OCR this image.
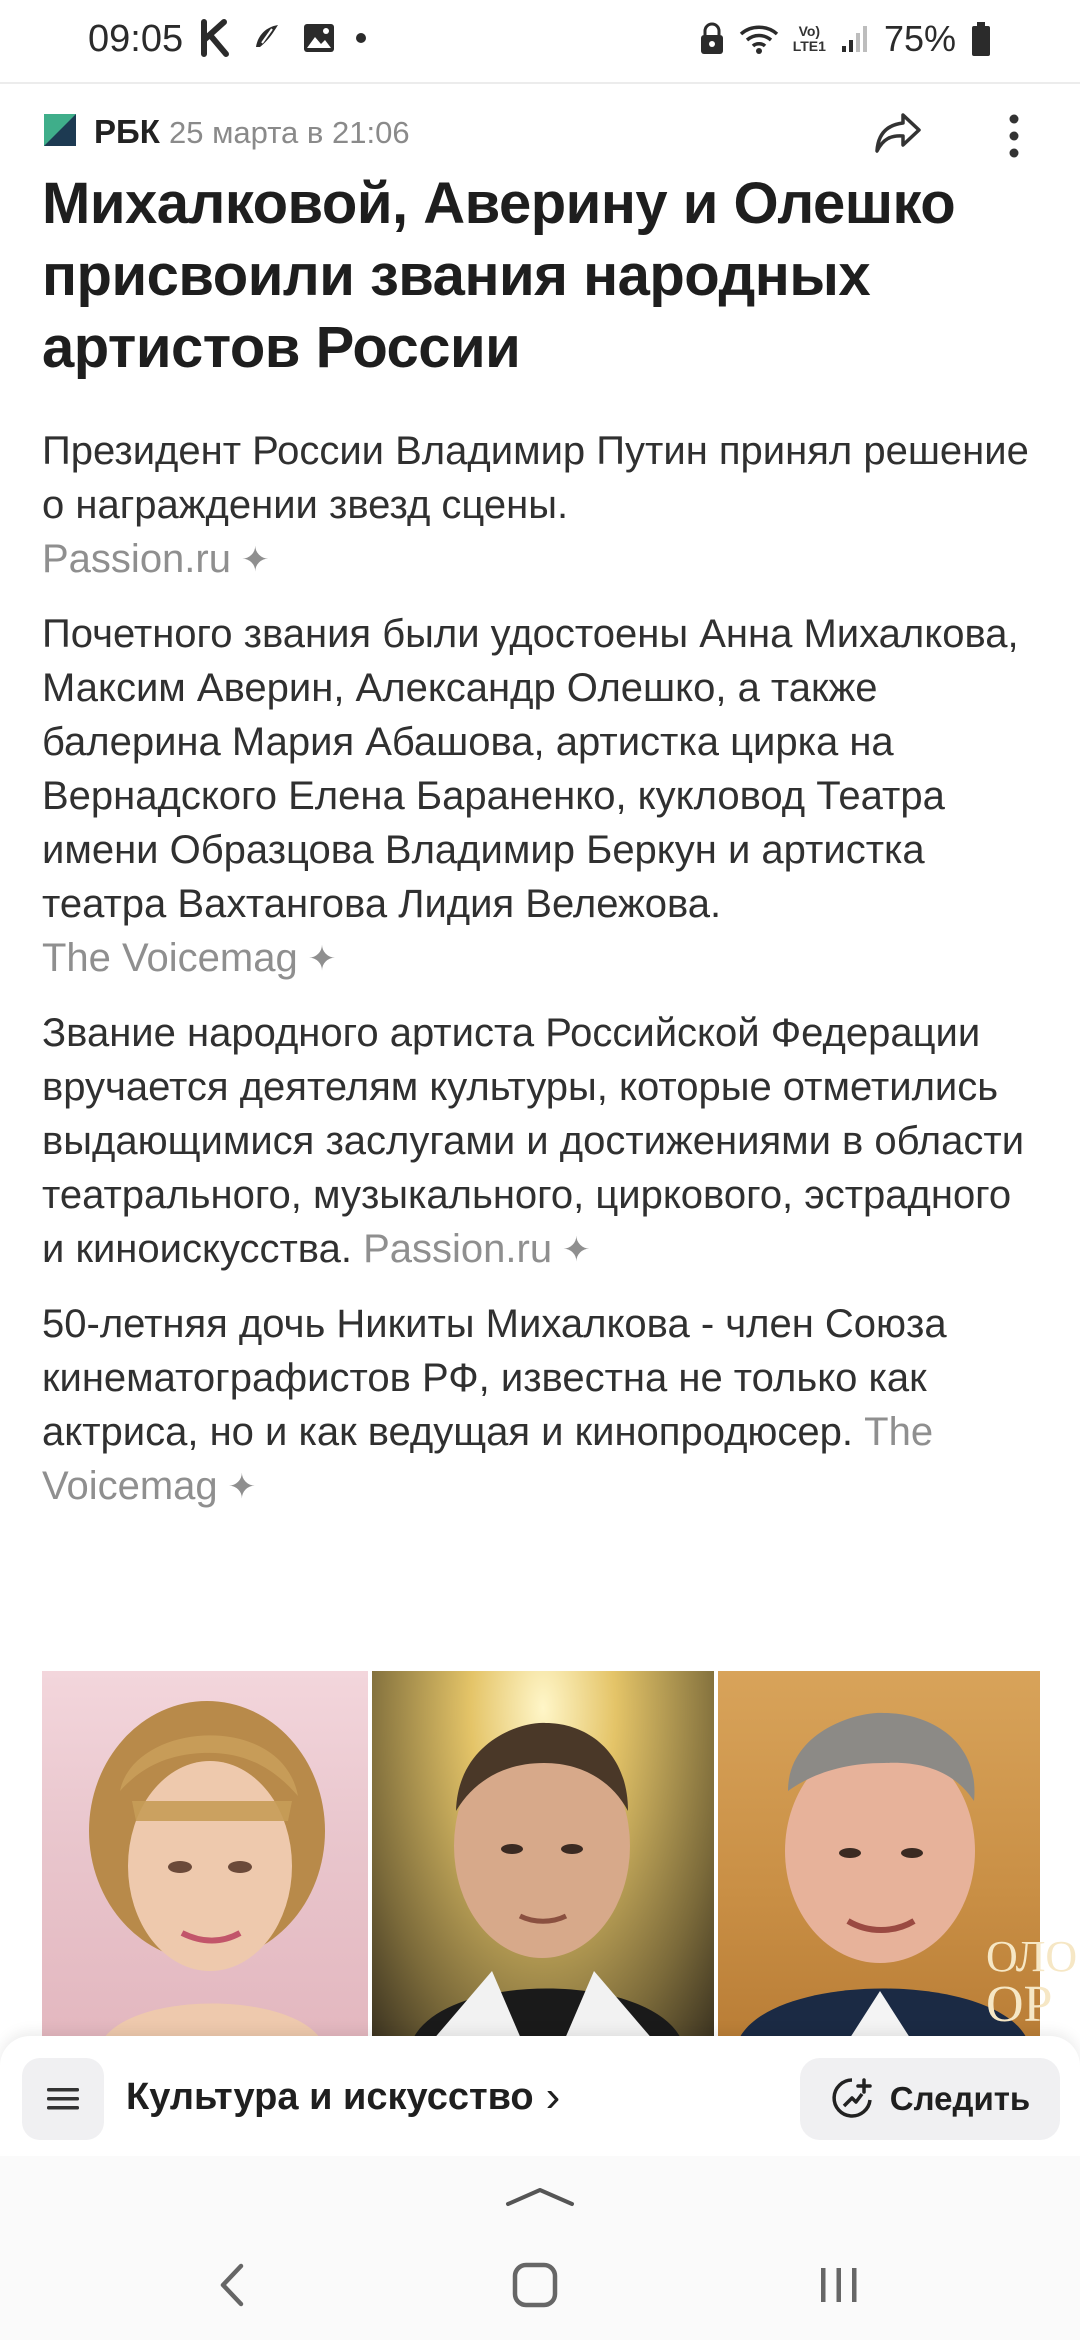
09:05	Vo)
LTE1 75%
РБК 25 марта в 21:06
Михалковой, Аверину и Олешко присвоили звания народных артистов России

Президент России Владимир Путин принял решение о награждении звезд сцены.
Passion.ru ✦

Почетного звания были удостоены Анна Михалкова, Максим Аверин, Александр Олешко, а также балерина Мария Абашова, артистка цирка на Вернадского Елена Бараненко, кукловод Театра имени Образцова Владимир Беркун и артистка театра Вахтангова Лидия Вележова.
The Voicemag ✦

Звание народного артиста Российской Федерации вручается деятелям культуры, которые отметились выдающимися заслугами и достижениями в области театрального, музыкального, циркового, эстрадного и киноискусства. Passion.ru ✦

50-летняя дочь Никиты Михалкова - член Союза кинематографистов РФ, известна не только как актриса, но и как ведущая и кинопродюсер. The Voicemag ✦

ОЛО
ОР
Культура и искусство ›	Следить
